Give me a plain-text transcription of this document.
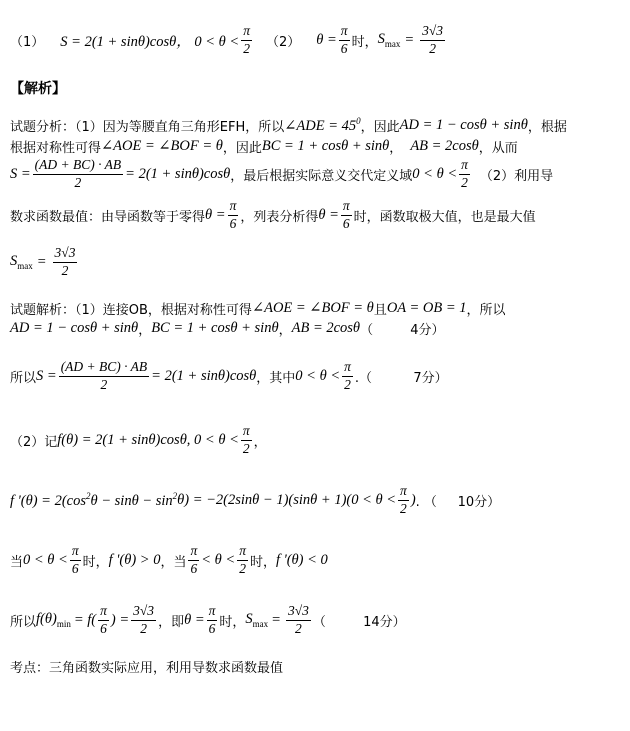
（1） S = 2(1 + sinθ)cosθ， $0 < \theta < \frac{\pi}{2} (2) \theta = \frac{\pi}{6}$ 时， $S_{max} = \frac{3√3}{2}$
【解析】
试题分析：（1）因为等腰直角三角形EFH，所以 ∠ADE = $45^0$ ，因此 AD = 1 − cosθ + sinθ ，根据
根据对称性可得 ∠AOE = ∠BOF = θ ，因此 BC = 1 + cosθ + sinθ ， AB = 2cosθ ，从而
$S = \frac{(AD + BC) \cdot AB}{2} = 2(1 + \sin\theta)\cos\theta$ ，最后根据实际意义交代定义域 $0 < \theta < \frac{\pi}{2} (2)$利用导
数求函数最值：由导函数等于零得 $\theta = \frac{\pi}{6}$ ，列表分析得 $\theta = \frac{\pi}{6}$ 时，函数取极大值，也是最大值
$S_{max} = \frac{3√3}{2}$
试题解析：（1）连接OB，根据对称性可得 ∠AOE = ∠BOF = θ 且 OA = OB = 1 ，所以
AD = 1 − cosθ + sinθ ， BC = 1 + cosθ + sinθ ， AB = 2cosθ （         4分）
所以 $S = \frac{(AD + BC) \cdot AB}{2} = 2(1 + \sin\theta)\cos\theta$ ，其中 $0 < \theta < \frac{\pi}{2}$ .（          7分）
（2）记 f(θ) = 2(1 + sinθ)cosθ, $0 < \theta < \frac{\pi}{2}$ ，
f '$(\theta) = 2(\cos^2$ $\theta - \sin\theta - \sin^2 \theta) = -2(2\sin\theta - 1)(\sin\theta + 1)(0 < \theta < \frac{\pi}{2}$ ) . （     10分）
当 $0 < \theta < \frac{\pi}{6}$ 时， f '(θ) > 0 ，当 $\frac{\pi}{6} < \theta < \frac{\pi}{2}$ 时， f '(θ) < 0
所以 $f(\theta)_{min} = f( \frac{\pi}{6}$ ) = $\frac{3√3}{2}$ ，即 $\theta = \frac{\pi}{6}$ 时， $S_{max} = \frac{3√3}{2}$ （         14分）
考点：三角函数实际应用，利用导数求函数最值
